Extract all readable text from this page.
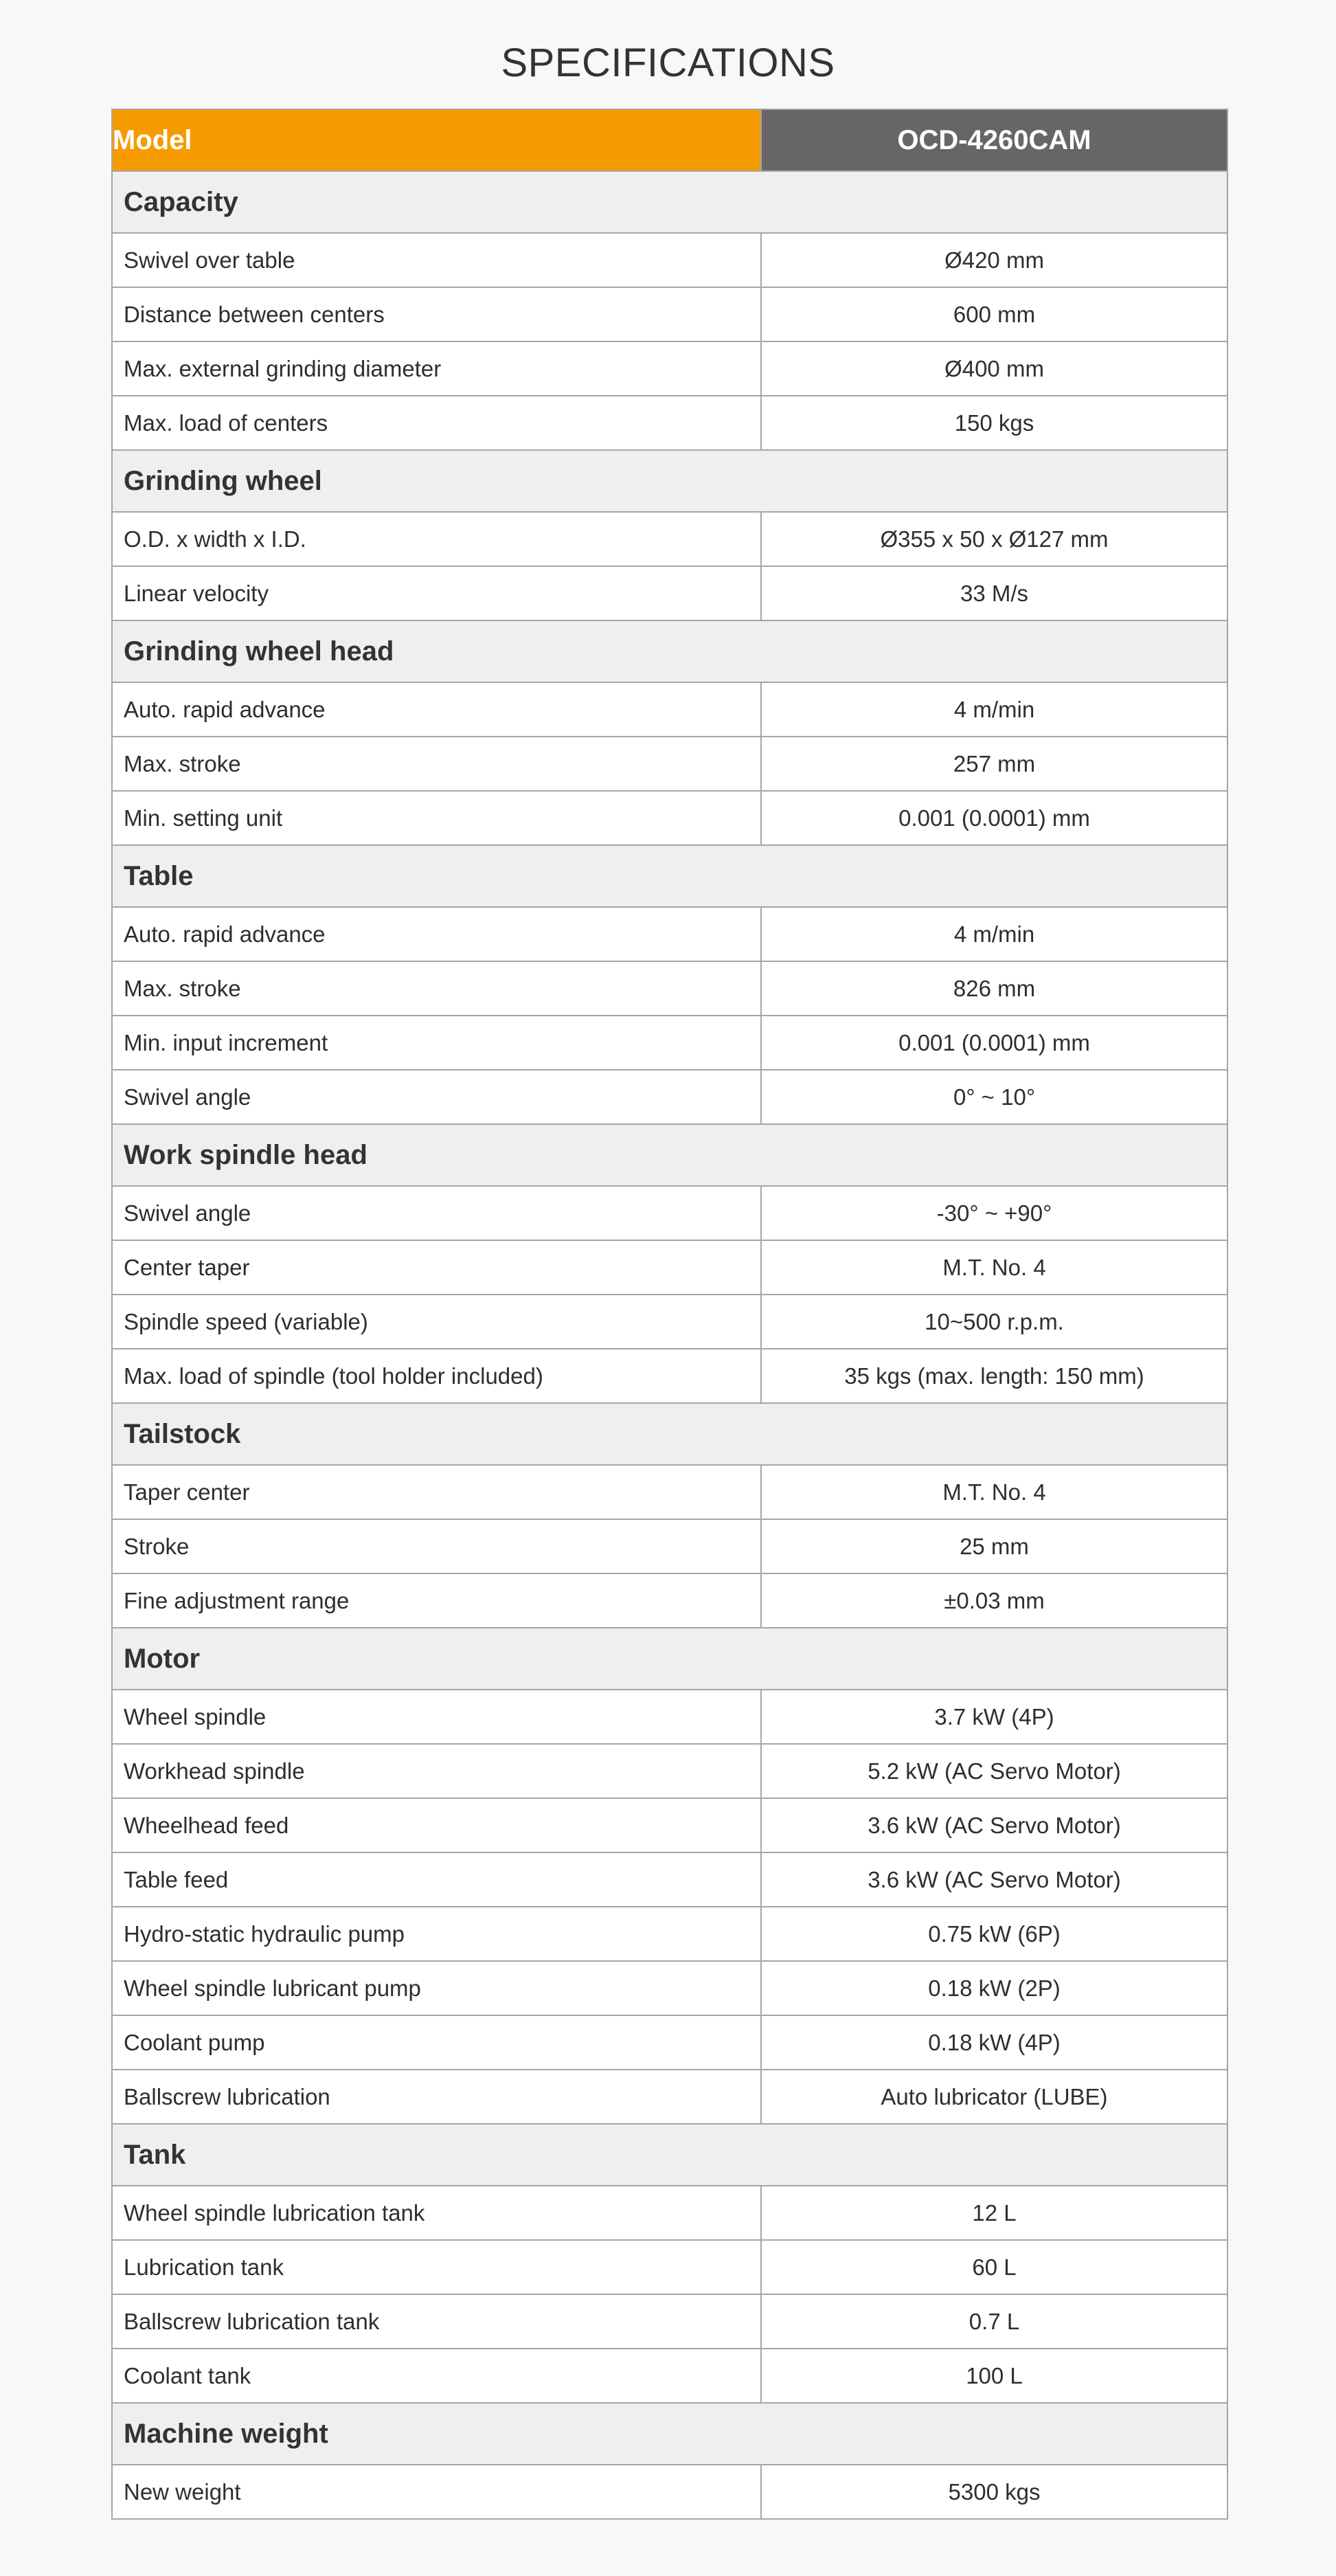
SPECIFICATIONS
Model	OCD-4260CAM
Capacity	
Swivel over table	Ø420 mm
Distance between centers	600 mm
Max. external grinding diameter	Ø400 mm
Max. load of centers	150 kgs
Grinding wheel	
O.D. x width x I.D.	Ø355 x 50 x Ø127 mm
Linear velocity	33 M/s
Grinding wheel head	
Auto. rapid advance	4 m/min
Max. stroke	257 mm
Min. setting unit	0.001 (0.0001) mm
Table	
Auto. rapid advance	4 m/min
Max. stroke	826 mm
Min. input increment	0.001 (0.0001) mm
Swivel angle	0° ~ 10°
Work spindle head	
Swivel angle	-30° ~ +90°
Center taper	M.T. No. 4
Spindle speed (variable)	10~500 r.p.m.
Max. load of spindle (tool holder included)	35 kgs (max. length: 150 mm)
Tailstock	
Taper center	M.T. No. 4
Stroke	25 mm
Fine adjustment range	±0.03 mm
Motor	
Wheel spindle	3.7 kW (4P)
Workhead spindle	5.2 kW (AC Servo Motor)
Wheelhead feed	3.6 kW (AC Servo Motor)
Table feed	3.6 kW (AC Servo Motor)
Hydro-static hydraulic pump	0.75 kW (6P)
Wheel spindle lubricant pump	0.18 kW (2P)
Coolant pump	0.18 kW (4P)
Ballscrew lubrication	Auto lubricator (LUBE)
Tank	
Wheel spindle lubrication tank	12 L
Lubrication tank	60 L
Ballscrew lubrication tank	0.7 L
Coolant tank	100 L
Machine weight	
New weight	5300 kgs
